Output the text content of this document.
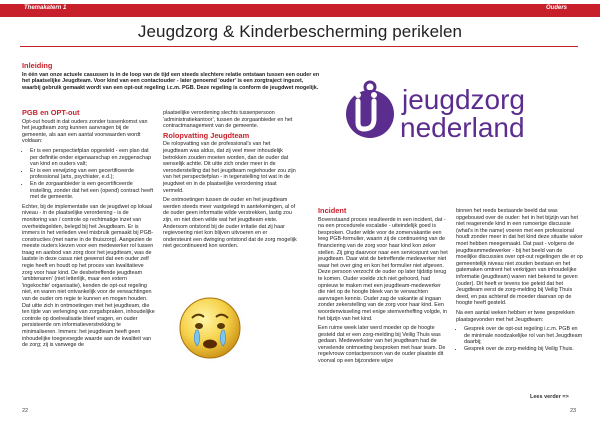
Themakatern 1	Ouders
Jeugdzorg & Kinderbescherming perikelen
Inleiding

In één van onze actuele casussen is in de loop van de tijd een steeds slechtere relatie ontstaan tussen een ouder en het plaatselijke Jeugdteam. Voor kind van een contactouder - later genoemd 'ouder' is een zorgtraject ingezet, waarbij gebruik gemaakt wordt van een opt-out regeling i.c.m. PGB. Deze regeling is conform de jeugdwet mogelijk.

PGB en OPT-out

Opt-out houdt in dat ouders zonder tussenkomst van het jeugdteam zorg kunnen aanvragen bij de gemeente, als aan een aantal voorwaarden wordt voldaan:

• Er is een perspectiefplan opgesteld - een plan dat per definitie onder eigenaarschap en zeggenschap van kind en ouders valt;
• Er is een verwijzing van een gecertificeerde professional (arts, psychiater, e.d.);
• En de zorgaanbieder is een gecertificeerde instelling, zonder dat het een (opend) contract heeft met de gemeente.

Echter, bij de implementatie van de jeugdwet op lokaal niveau - in de plaatselijke verordening - is de monitoring van / controle op rechtmatige inzet van overheidsgelden, belegd bij het Jeugdteam. Er is immers in het verleden veel misbruik gemaakt bij PGB-constructies (met name in de thuiszorg). Aangezien de meeste ouders kiezen voor een medewerker rol tussen traag en aanbod van zorg door het jeugdteam, was de laatste in deze casus niet gewenst dat een ouder zelf regie heeft en houdt op het proces van kwalitatieve zorg voor haar kind. De desbetreffende jeugdteam 'ambtenaren' (niet letterlijk, maar een extern 'ingekochte' organisatie), kenden de opt-out regeling niet, en waren niet ontvankelijk voor de verwachtingen van de ouder om regie te kunnen en mogen houden. Dat uitte zich in ontmoetingen met het jeugdteam, die ten tijde van verlenging van zorgafspraken, inhoudelijke controle op doelrealisatie bleef vragen, en ouder persisteerde om informatieverstrekking te minimaliseren. Immers: het jeugdteam heeft geen inhoudelijke toegevoegde waarde aan de kwaliteit van de zorg; zij is vanwege de

plaatselijke verordening slechts tussenpersoon 'administratiekantoor', tussen de zorgaanbieder en het contractmanagement van de gemeente.

Rolopvatting Jeugdteam

De rolopvatting van de professional's van het jeugdteam was aldus, dat zij veel meer inhoudelijk betrokken zouden moeten worden, dan de ouder dat wenselijk achtte. Dit uitte zich onder meer in de veronderstelling dat het jeugdteam regiehouder zou zijn van het perspectiefplan - in tegenstelling tot wat in de jeugdwet en in de plaatselijke verordening staat vermeld.

De ontmoetingen tussen de ouder en het jeugdteam werden steeds meer vastgelegd in aantekeningen, al of de ouder geen informatie wilde verstrekken, lastig zou zijn, en niet doen wilde wat het jeugdteam eiste. Andersom ontstond bij de ouder irritatie dat zij haar regievoering niet kon blijven uitvoeren en er ondersteunt een dwinging ontstond dat de zorg mogelijk niet gecontinueerd kon worden.

jeugdzorg
nederland
Incident

Bovenstaand proces resulteerde in een incident, dat - na een procedurele escalatie - uiteindelijk goed is besproken. Ouder wilde voor de zomervakantie een leeg PGB-formulier, waarin zij de continuering van de financiering van de zorg voor haar kind kon zeker stellen. Zij ging daarvoor naar een servicepunt van het jeugdteam. Daar wist de betreffende medewerker niet waar het over ging en kon het formulier niet afgeven. Deze persoon verzocht de ouder op later tijdstip terug te komen. Ouder voelde zich niet gehoord, had opnieuw te maken met een jeugdteam-medewerker die niet op de hoogte bleek van te verwachten aanvragen kennis. Ouder zag de vakantie al ingaan zonder zekerstelling van de zorg voor haar kind. Een woordenwisseling met enige stemverheffing volgde, in het bijzijn van het kind.

Een ruime week later werd moeder op de hoogte gesteld dat er een zorg-melding bij Veilig Thuis was gedaan. Medewerkster van het jeugdteam had de vervelende ontmoeting besproken met haar team. De regelvrouw contactpersoon van de ouder plaatste dit voorval op een bijzondere wijze

binnen het reeds bestaande beeld dat was opgebouwd over de ouder: het in het bijzijn van het niet reagerende kind in een rumoerige discussie (what's in the name) voeren met een professional houdt zonder meer in dat het kind deze situatie vaker moet hebben meegemaakt. Dat past - volgens de jeugdteammedewerker - bij het beeld van de moeilijke discussies over opt-out regelingen die er op gemeentelijk niveau niet zouden bestaan en het gatemaken omtrent het verkrijgen van inhoudelijke informatie (jeugdteam) waren niet bekend te geven (ouder). Dit heeft er tevens toe geleid dat het Jeugdteam eerst de zorg-melding bij Veilig Thuis deed, en pas achteraf de moeder daarvan op de hoogte heeft gesteld.

Na een aantal weken hebben er twee gesprekken plaatsgevonden met het Jeugdteam:

• Gesprek over de opt-out regeling i.c.m. PGB en de minimale noodzakelijke rol van het Jeugdteam daarbij;
• Gesprek over de zorg-melding bij Veilig Thuis.
Lees verder =>
22	23
